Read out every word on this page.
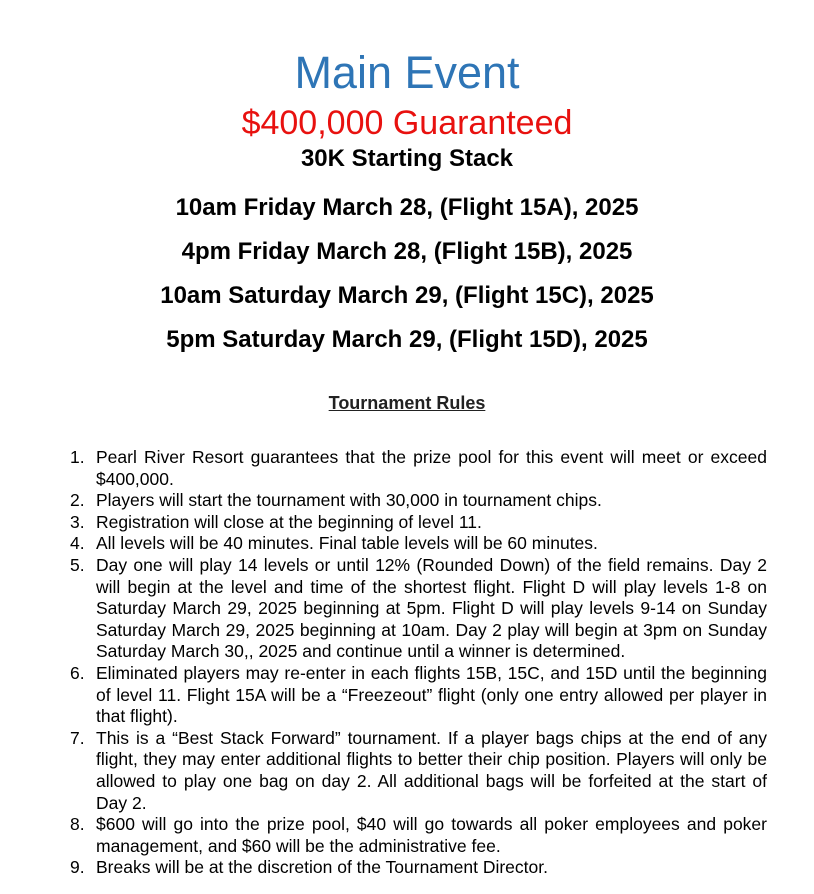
Main Event
$400,000 Guaranteed
30K Starting Stack
10am Friday March 28, (Flight 15A), 2025
4pm Friday March 28, (Flight 15B), 2025
10am Saturday March 29, (Flight 15C), 2025
5pm Saturday March 29, (Flight 15D), 2025
Tournament Rules
1. Pearl River Resort guarantees that the prize pool for this event will meet or exceed $400,000.
2. Players will start the tournament with 30,000 in tournament chips.
3. Registration will close at the beginning of level 11.
4. All levels will be 40 minutes. Final table levels will be 60 minutes.
5. Day one will play 14 levels or until 12% (Rounded Down) of the field remains. Day 2 will begin at the level and time of the shortest flight. Flight D will play levels 1-8 on Saturday March 29, 2025 beginning at 5pm. Flight D will play levels 9-14 on Sunday Saturday March 29, 2025 beginning at 10am. Day 2 play will begin at 3pm on Sunday Saturday March 30,, 2025 and continue until a winner is determined.
6. Eliminated players may re-enter in each flights 15B, 15C, and 15D until the beginning of level 11. Flight 15A will be a “Freezeout” flight (only one entry allowed per player in that flight).
7. This is a “Best Stack Forward” tournament. If a player bags chips at the end of any flight, they may enter additional flights to better their chip position. Players will only be allowed to play one bag on day 2. All additional bags will be forfeited at the start of Day 2.
8. $600 will go into the prize pool, $40 will go towards all poker employees and poker management, and $60 will be the administrative fee.
9. Breaks will be at the discretion of the Tournament Director.
